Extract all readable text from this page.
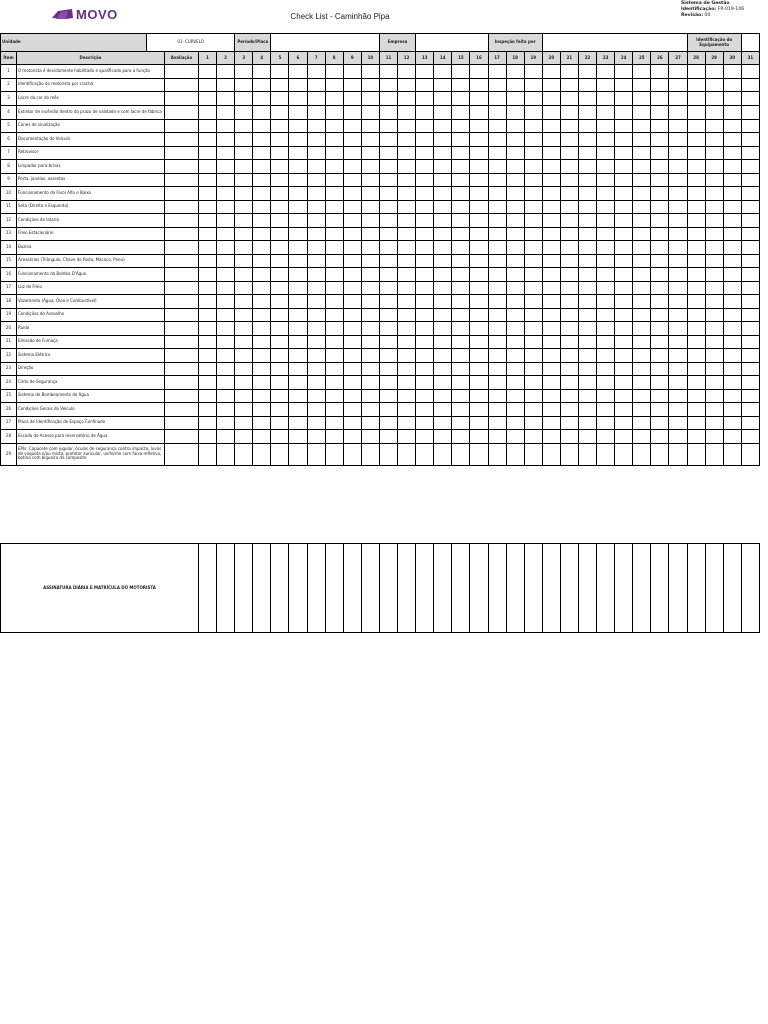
MOVO	Check List - Caminhão Pipa
Sistema de Gestão
Identificação: FR-019-106
Revisão: 00
Unidade		01- CURVELO				Período/Placa								Empresa						Inspeção feita por											Identificação do Equipamento			
Ítem	Descrição		Avaliação	1	2	3	4	5	6	7	8	9	10	11	12	13	14	15	16	17	18	19	20	21	22	23	24	25	26	27	28	29	30	31
1	O motorista é devidamente habilitado e qualificado para a função																																	
2	Identificação do motorista por crachá																																	
3	Lacre da cor do mês																																	
4	Extintor de incêndio dentro do prazo de validade e com lacre de fábrica																																	
5	Cones de sinalização																																	
6	Documentação do Veículo																																	
7	Retrovisor																																	
8	Limpador para-brisas																																	
9	Porta, janelas, assentos																																	
10	Funcionamento do Farol Alto e Baixo																																	
11	Seta (Direita e Esquerda)																																	
12	Condições da lataria																																	
13	Freio Estacionário																																	
14	Buzina																																	
15	Acessórios (Triângulo, Chave de Roda, Macaco, Pneu)																																	
16	Funcionamento da Bomba D'Água																																	
17	Luz de Freio																																	
18	Vazamento (Água, Óleo e Combustível)																																	
19	Condições de Assoalho																																	
20	Ruído																																	
21	Emissão de Fumaça																																	
22	Sistema Elétrico																																	
23	Direção																																	
24	Cinto de Segurança																																	
25	Sistema de Bombeamento de Água																																	
26	Condições Gerais do Veículo																																	
27	Placa de Identificação de Espaço Confinado																																	
28	Escada de Acesso para reservatório de Água																																	
29	EPIs: Capacete com jugular, óculos de segurança contra impacto, luvas de vaqueta e/ou mista, protetor auricular, uniforme com faixa refletiva, botina com biqueira de composite																																	
ASSINATURA DIÁRIA E MATRÍCULA DO MOTORISTA																															
